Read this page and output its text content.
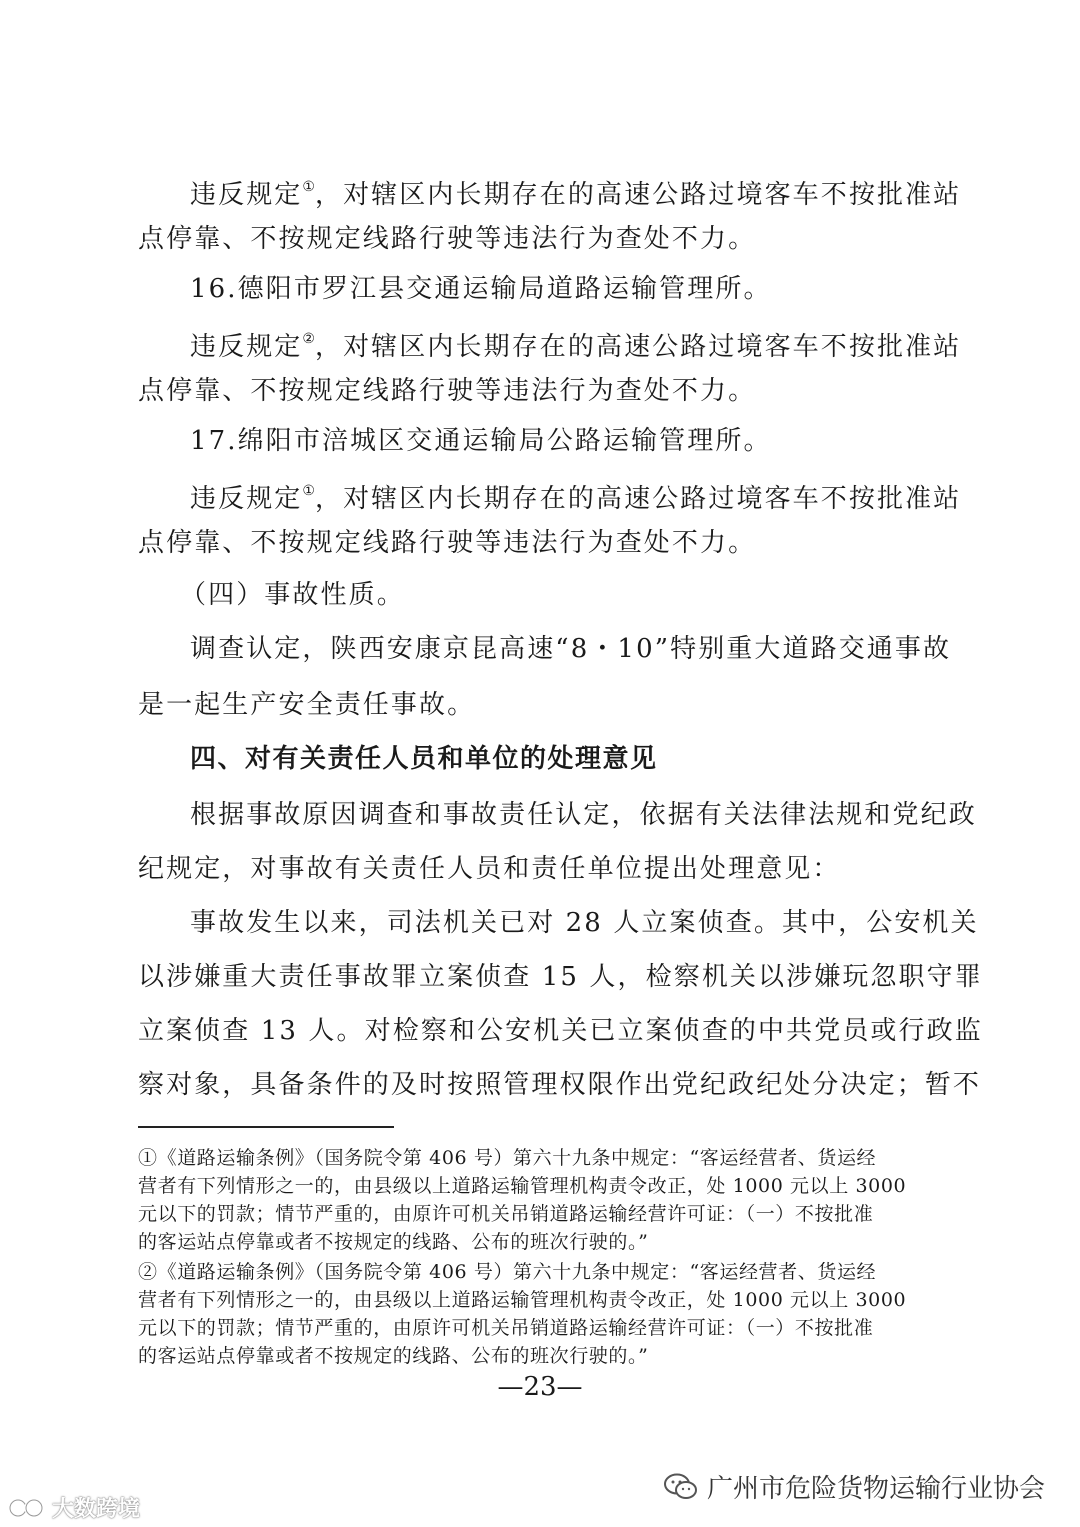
违反规定①，对辖区内长期存在的高速公路过境客车不按批准站
点停靠、不按规定线路行驶等违法行为查处不力。
16.德阳市罗江县交通运输局道路运输管理所。
违反规定②，对辖区内长期存在的高速公路过境客车不按批准站
点停靠、不按规定线路行驶等违法行为查处不力。
17.绵阳市涪城区交通运输局公路运输管理所。
违反规定①，对辖区内长期存在的高速公路过境客车不按批准站
点停靠、不按规定线路行驶等违法行为查处不力。
（四）事故性质。
调查认定，陕西安康京昆高速“8・10”特别重大道路交通事故
是一起生产安全责任事故。
四、对有关责任人员和单位的处理意见
根据事故原因调查和事故责任认定，依据有关法律法规和党纪政
纪规定，对事故有关责任人员和责任单位提出处理意见：
事故发生以来，司法机关已对 28 人立案侦查。其中，公安机关
以涉嫌重大责任事故罪立案侦查 15 人，检察机关以涉嫌玩忽职守罪
立案侦查 13 人。对检察和公安机关已立案侦查的中共党员或行政监
察对象，具备条件的及时按照管理权限作出党纪政纪处分决定；暂不
①《道路运输条例》（国务院令第 406 号）第六十九条中规定：“客运经营者、货运经
营者有下列情形之一的，由县级以上道路运输管理机构责令改正，处 1000 元以上 3000
元以下的罚款；情节严重的，由原许可机关吊销道路运输经营许可证：（一）不按批准
的客运站点停靠或者不按规定的线路、公布的班次行驶的。”
②《道路运输条例》（国务院令第 406 号）第六十九条中规定：“客运经营者、货运经
营者有下列情形之一的，由县级以上道路运输管理机构责令改正，处 1000 元以上 3000
元以下的罚款；情节严重的，由原许可机关吊销道路运输经营许可证：（一）不按批准
的客运站点停靠或者不按规定的线路、公布的班次行驶的。”
—23—
广州市危险货物运输行业协会
大数跨境
